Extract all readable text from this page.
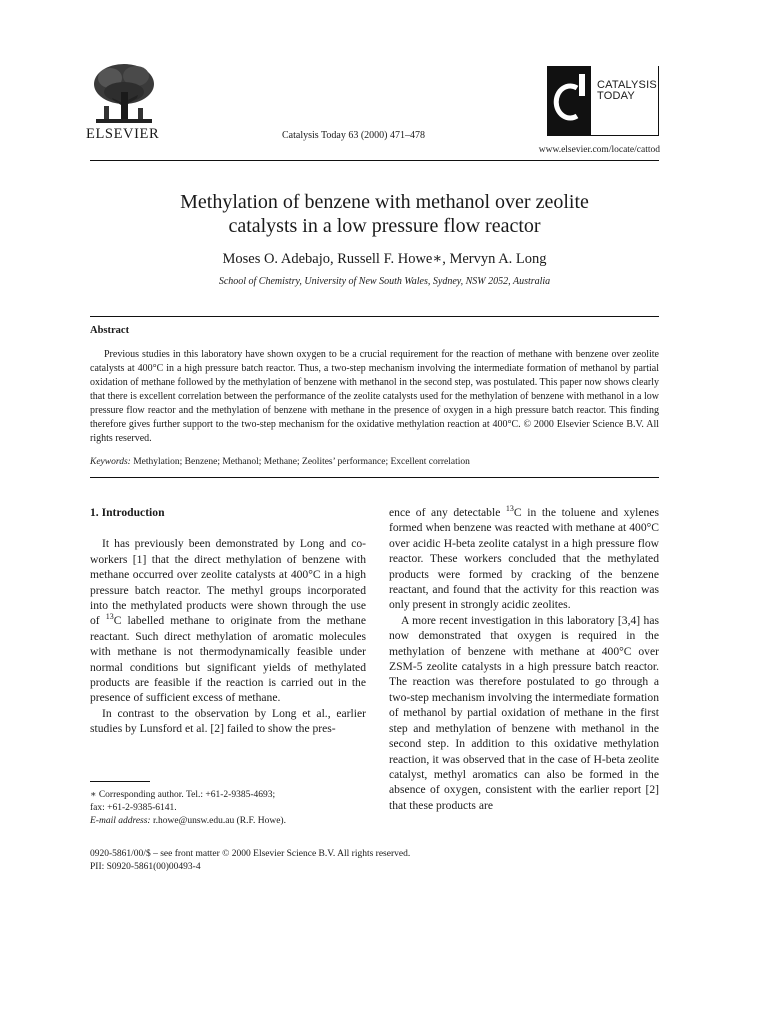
ELSEVIER	Catalysis Today 63 (2000) 471–478
CATALYSIS
TODAY
www.elsevier.com/locate/cattod
Methylation of benzene with methanol over zeolite
catalysts in a low pressure flow reactor
Moses O. Adebajo, Russell F. Howe∗, Mervyn A. Long
School of Chemistry, University of New South Wales, Sydney, NSW 2052, Australia
Abstract
Previous studies in this laboratory have shown oxygen to be a crucial requirement for the reaction of methane with benzene over zeolite catalysts at 400°C in a high pressure batch reactor. Thus, a two-step mechanism involving the intermediate formation of methanol by partial oxidation of methane followed by the methylation of benzene with methanol in the second step, was postulated. This paper now shows clearly that there is excellent correlation between the performance of the zeolite catalysts used for the methylation of benzene with methanol in a low pressure flow reactor and the methylation of benzene with methane in the presence of oxygen in a high pressure batch reactor. This finding therefore gives further support to the two-step mechanism for the oxidative methylation reaction at 400°C. © 2000 Elsevier Science B.V. All rights reserved.
Keywords: Methylation; Benzene; Methanol; Methane; Zeolites’ performance; Excellent correlation
1. Introduction

It has previously been demonstrated by Long and co-workers [1] that the direct methylation of benzene with methane occurred over zeolite catalysts at 400°C in a high pressure batch reactor. The methyl groups incorporated into the methylated products were shown through the use of $^{13}$C labelled methane to originate from the methane reactant. Such direct methylation of aromatic molecules with methane is not thermodynamically feasible under normal conditions but significant yields of methylated products are feasible if the reaction is carried out in the presence of sufficient excess of methane.

In contrast to the observation by Long et al., earlier studies by Lunsford et al. [2] failed to show the pres-

ence of any detectable $^{13}$C in the toluene and xylenes formed when benzene was reacted with methane at 400°C over acidic H-beta zeolite catalyst in a high pressure flow reactor. These workers concluded that the methylated products were formed by cracking of the benzene reactant, and found that the activity for this reaction was only present in strongly acidic zeolites.

A more recent investigation in this laboratory [3,4] has now demonstrated that oxygen is required in the methylation of benzene with methane at 400°C over ZSM-5 zeolite catalysts in a high pressure batch reactor. The reaction was therefore postulated to go through a two-step mechanism involving the intermediate formation of methanol by partial oxidation of methane in the first step and methylation of benzene with methanol in the second step. In addition to this oxidative methylation reaction, it was observed that in the case of H-beta zeolite catalyst, methyl aromatics can also be formed in the absence of oxygen, consistent with the earlier report [2] that these products are

∗ Corresponding author. Tel.: +61-2-9385-4693;
fax: +61-2-9385-6141.
E-mail address: r.howe@unsw.edu.au (R.F. Howe).
0920-5861/00/$ – see front matter © 2000 Elsevier Science B.V. All rights reserved.
PII: S0920-5861(00)00493-4
